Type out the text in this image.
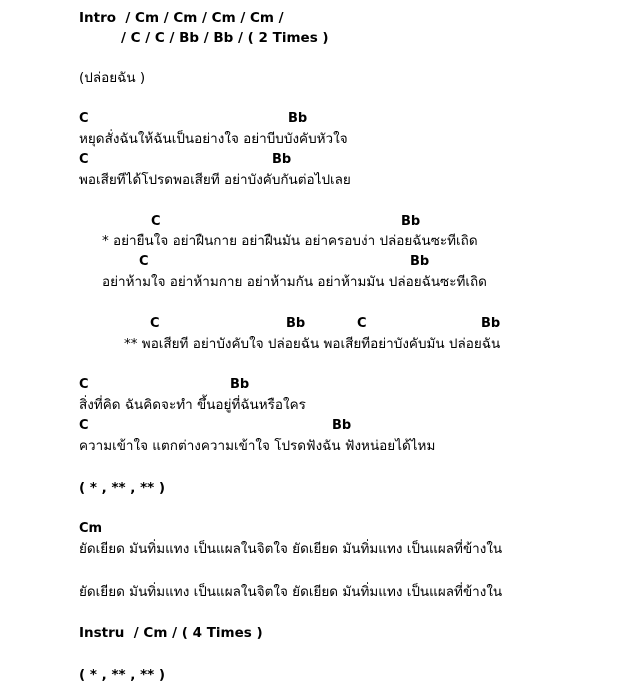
Intro  / Cm / Cm / Cm / Cm /
/ C / C / Bb / Bb / ( 2 Times )
(ปล่อยฉัน )
C	Bb
หยุดสั่งฉันให้ฉันเป็นอย่างใจ อย่าบีบบังคับหัวใจ
C	Bb
พอเสียทีได้โปรดพอเสียที อย่าบังคับกันต่อไปเลย
C	Bb
* อย่ายืนใจ อย่าฝืนกาย อย่าฝืนมัน อย่าครอบง่า ปล่อยฉันซะทีเถิด
C	Bb
อย่าห้ามใจ อย่าห้ามกาย อย่าห้ามกัน อย่าห้ามมัน ปล่อยฉันซะทีเถิด
C	Bb	C	Bb
** พอเสียที อย่าบังคับใจ ปล่อยฉัน พอเสียทีอย่าบังคับมัน ปล่อยฉัน
C	Bb
สิ่งที่คิด ฉันคิดจะทำ ขึ้นอยู่ที่ฉันหรือใคร
C	Bb
ความเข้าใจ แตกต่างความเข้าใจ โปรดฟังฉัน ฟังหน่อยได้ไหม
( * , ** , ** )
Cm
ยัดเยียด มันทิ่มแทง เป็นแผลในจิตใจ ยัดเยียด มันทิ่มแทง เป็นแผลที่ข้างใน
ยัดเยียด มันทิ่มแทง เป็นแผลในจิตใจ ยัดเยียด มันทิ่มแทง เป็นแผลที่ข้างใน
Instru  / Cm / ( 4 Times )
( * , ** , ** )
